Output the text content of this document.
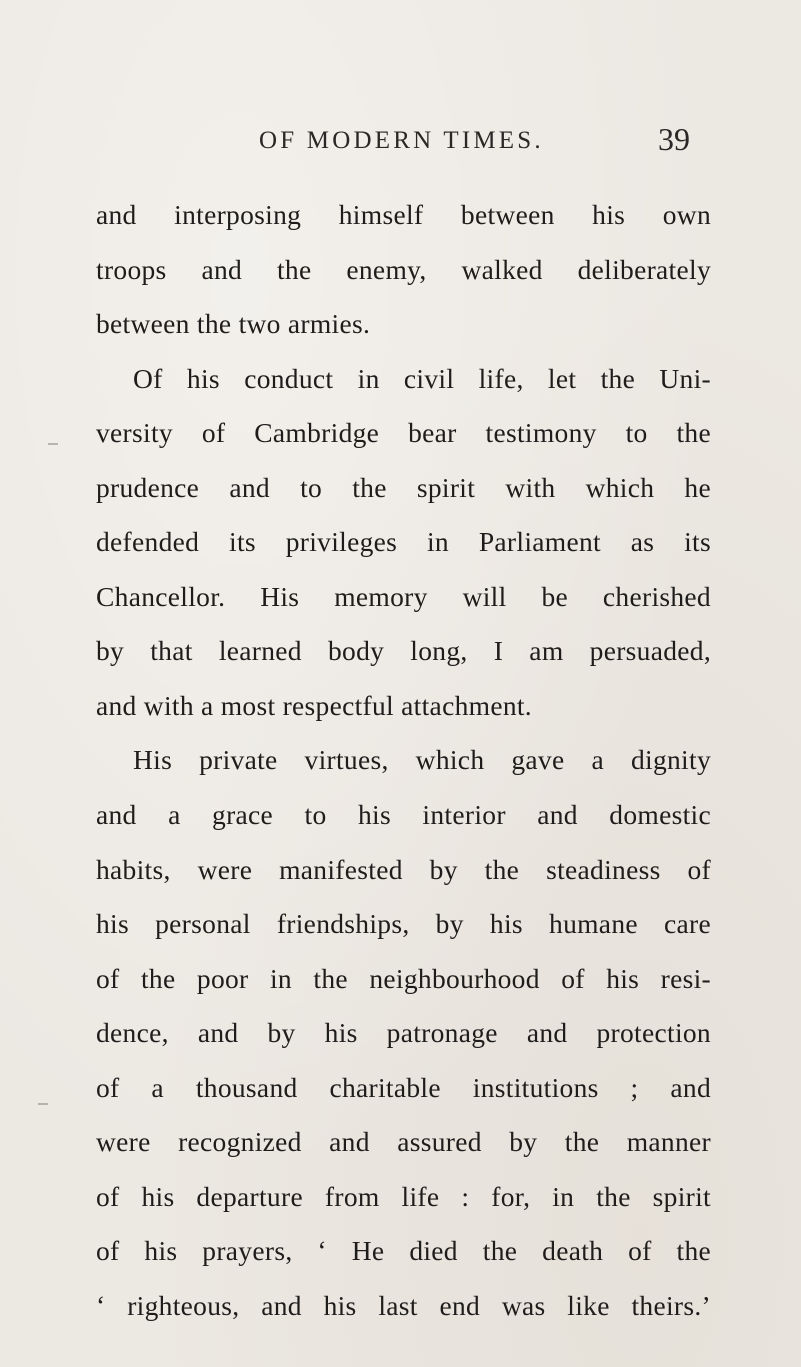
OF MODERN TIMES.	39
and interposing himself between his own
troops and the enemy, walked deliberately
between the two armies.
Of his conduct in civil life, let the Uni-
versity of Cambridge bear testimony to the
prudence and to the spirit with which he
defended its privileges in Parliament as its
Chancellor. His memory will be cherished
by that learned body long, I am persuaded,
and with a most respectful attachment.
His private virtues, which gave a dignity
and a grace to his interior and domestic
habits, were manifested by the steadiness of
his personal friendships, by his humane care
of the poor in the neighbourhood of his resi-
dence, and by his patronage and protection
of a thousand charitable institutions ; and
were recognized and assured by the manner
of his departure from life : for, in the spirit
of his prayers, ‘ He died the death of the
‘ righteous, and his last end was like theirs.’
